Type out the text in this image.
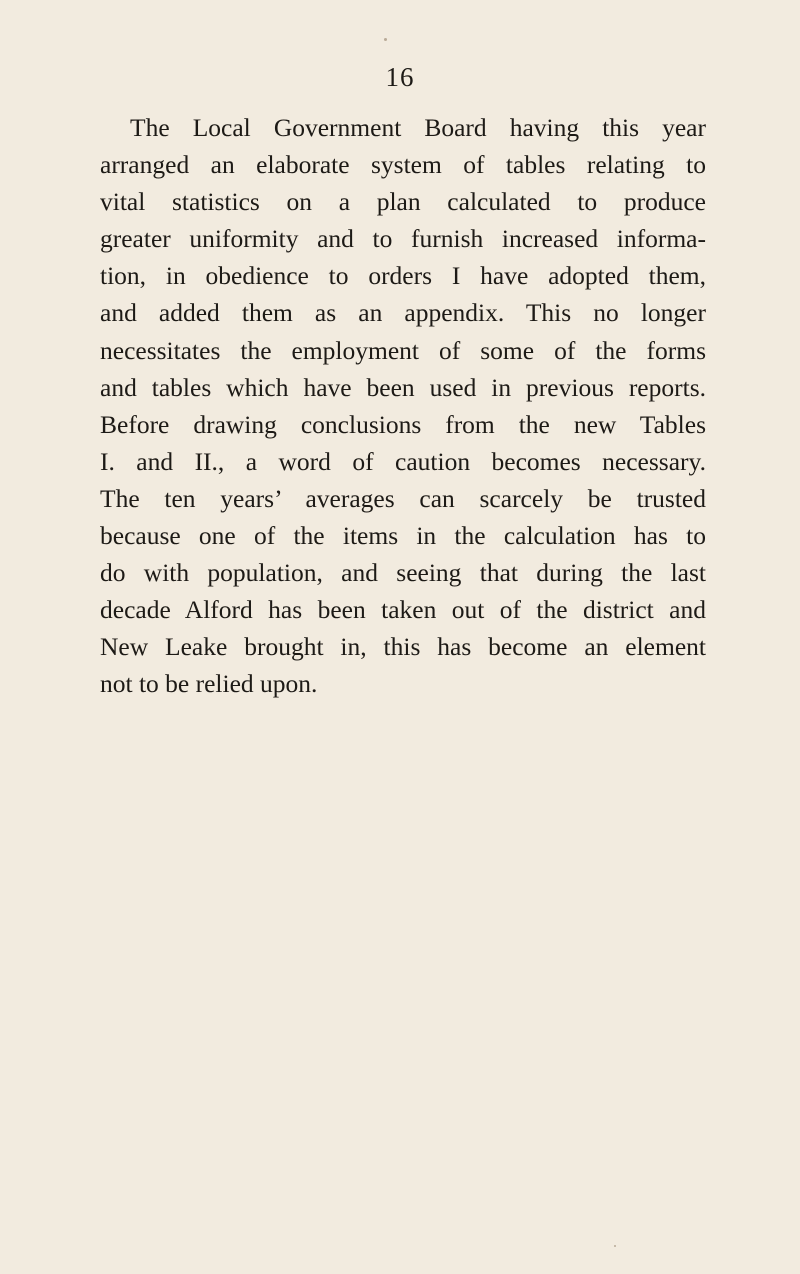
16
The Local Government Board having this year
arranged an elaborate system of tables relating to
vital statistics on a plan calculated to produce
greater uniformity and to furnish increased informa-
tion, in obedience to orders I have adopted them,
and added them as an appendix. This no longer
necessitates the employment of some of the forms
and tables which have been used in previous reports.
Before drawing conclusions from the new Tables
I. and II., a word of caution becomes necessary.
The ten years’ averages can scarcely be trusted
because one of the items in the calculation has to
do with population, and seeing that during the last
decade Alford has been taken out of the district and
New Leake brought in, this has become an element
not to be relied upon.
